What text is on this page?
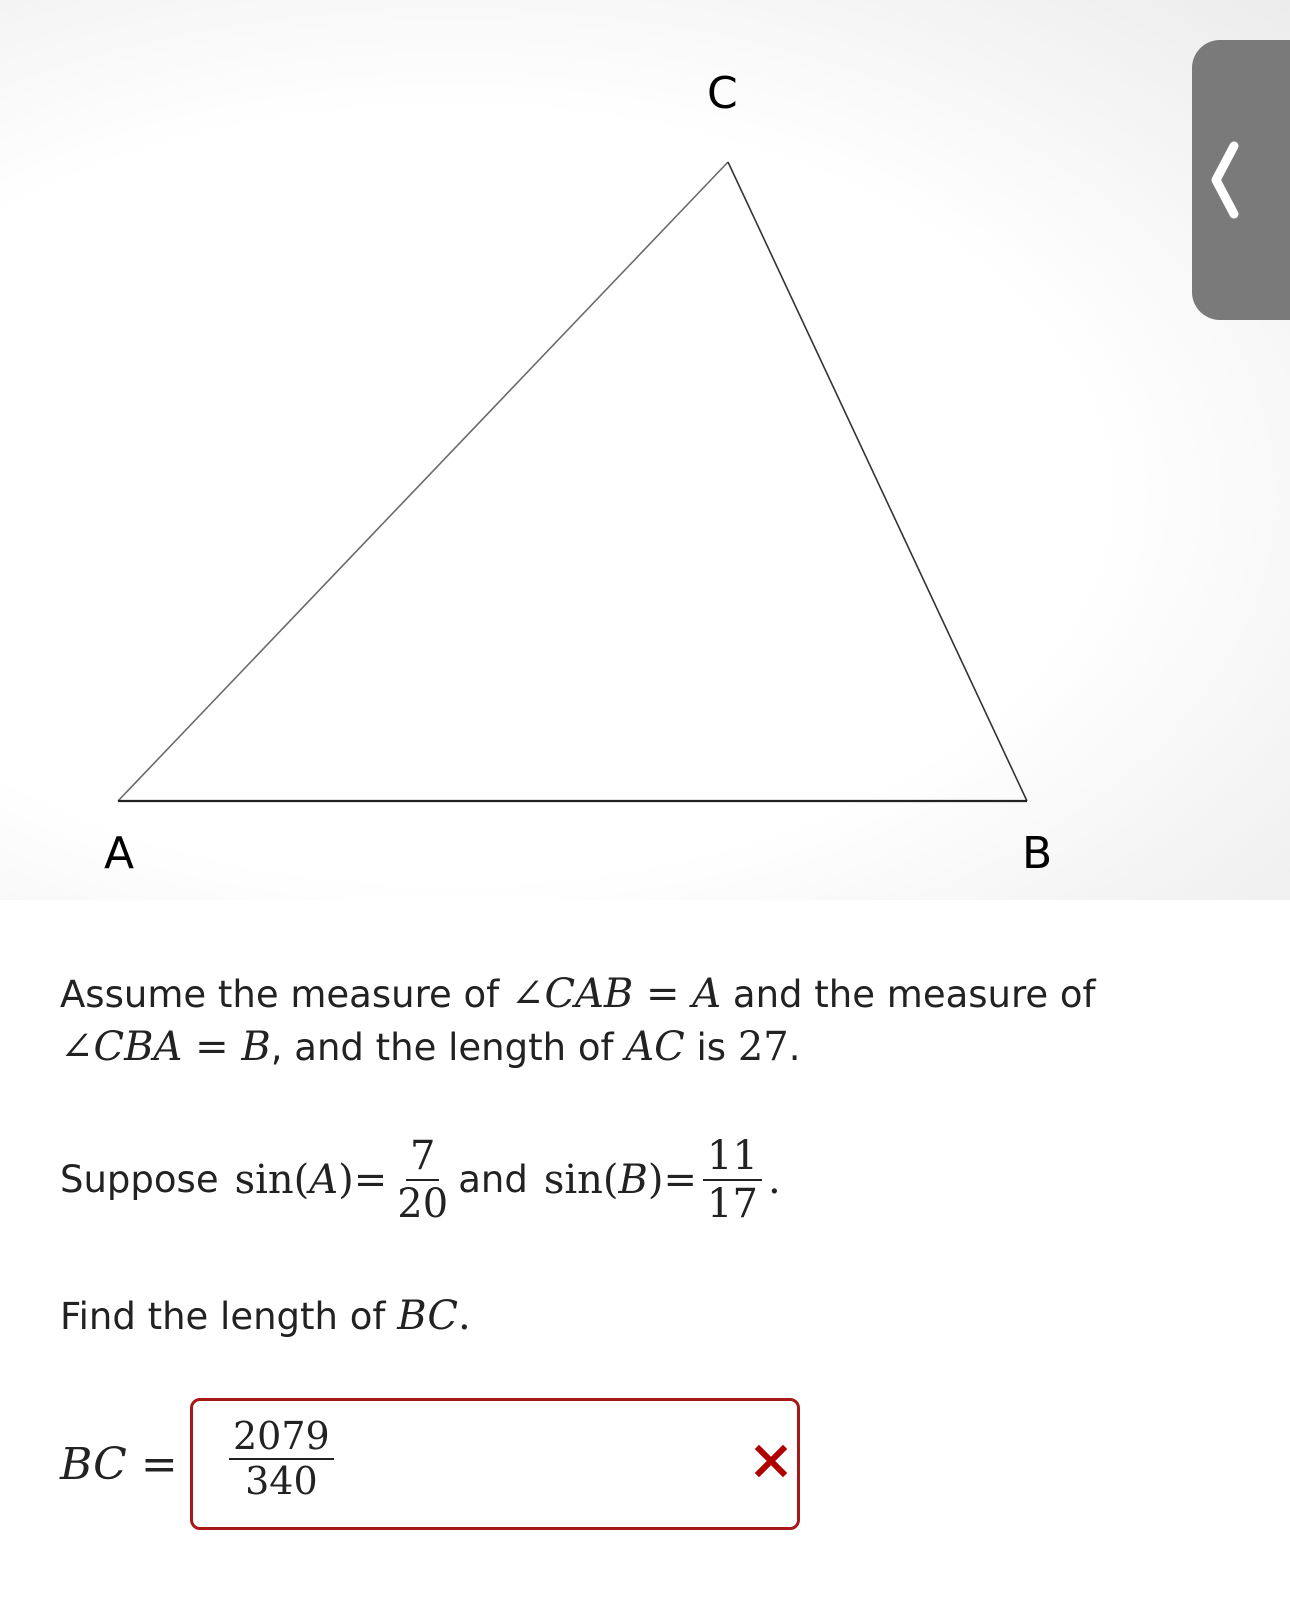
A	B
C
Assume the measure of ∠CAB = A and the measure of
∠CBA = B, and the length of AC is 27.
Suppose sin( A ) = $\frac{7}{20}$ and sin( B ) = $\frac{11}{17}$ .
Find the length of BC.
BC = $\frac{2079}{340}$
